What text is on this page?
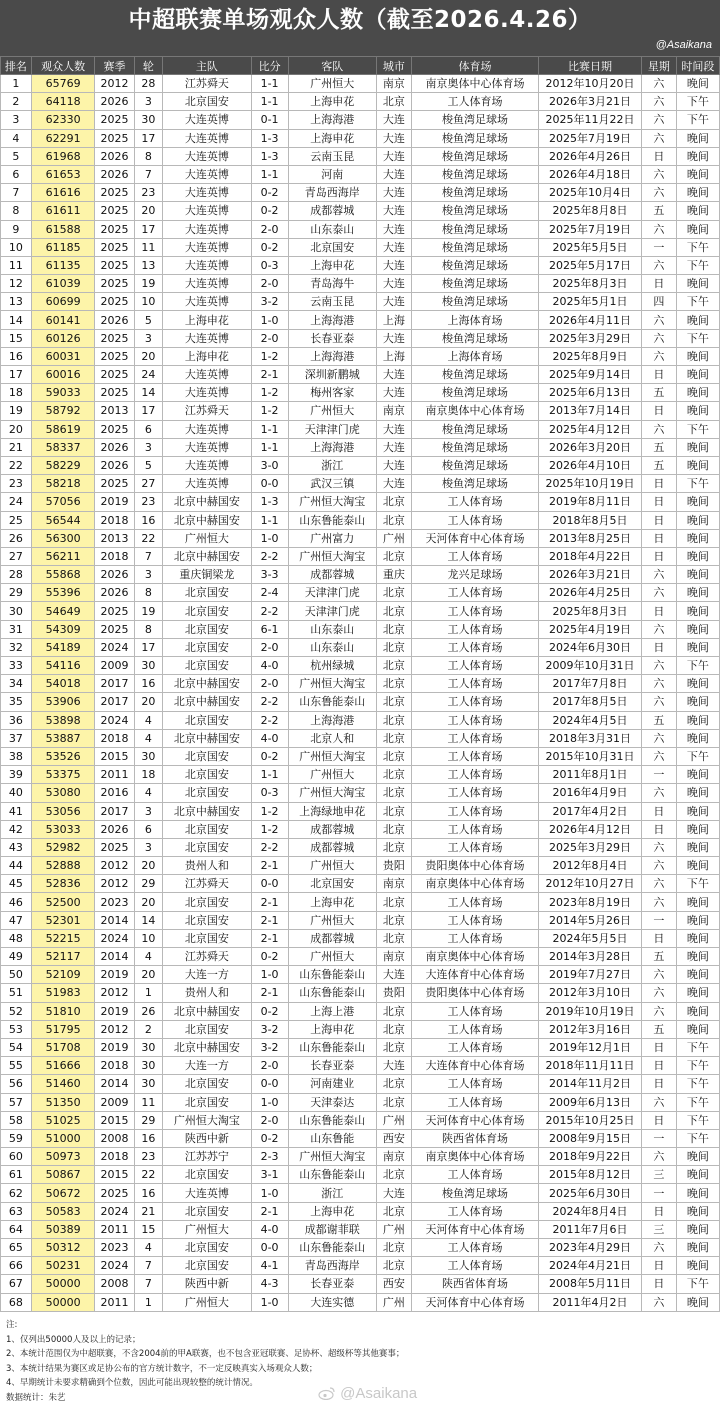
中超联赛单场观众人数（截至2026.4.26）
@Asaikana
排名	观众人数	赛季	轮	主队	比分	客队	城市	体育场	比赛日期	星期	时间段
1	65769	2012	28	江苏舜天	1-1	广州恒大	南京	南京奥体中心体育场	2012年10月20日	六	晚间
2	64118	2026	3	北京国安	1-1	上海申花	北京	工人体育场	2026年3月21日	六	下午
3	62330	2025	30	大连英博	0-1	上海海港	大连	梭鱼湾足球场	2025年11月22日	六	下午
4	62291	2025	17	大连英博	1-3	上海申花	大连	梭鱼湾足球场	2025年7月19日	六	晚间
5	61968	2026	8	大连英博	1-3	云南玉昆	大连	梭鱼湾足球场	2026年4月26日	日	晚间
6	61653	2026	7	大连英博	1-1	河南	大连	梭鱼湾足球场	2026年4月18日	六	晚间
7	61616	2025	23	大连英博	0-2	青岛西海岸	大连	梭鱼湾足球场	2025年10月4日	六	晚间
8	61611	2025	20	大连英博	0-2	成都蓉城	大连	梭鱼湾足球场	2025年8月8日	五	晚间
9	61588	2025	17	大连英博	2-0	山东泰山	大连	梭鱼湾足球场	2025年7月19日	六	晚间
10	61185	2025	11	大连英博	0-2	北京国安	大连	梭鱼湾足球场	2025年5月5日	一	下午
11	61135	2025	13	大连英博	0-3	上海申花	大连	梭鱼湾足球场	2025年5月17日	六	下午
12	61039	2025	19	大连英博	2-0	青岛海牛	大连	梭鱼湾足球场	2025年8月3日	日	晚间
13	60699	2025	10	大连英博	3-2	云南玉昆	大连	梭鱼湾足球场	2025年5月1日	四	下午
14	60141	2026	5	上海申花	1-0	上海海港	上海	上海体育场	2026年4月11日	六	晚间
15	60126	2025	3	大连英博	2-0	长春亚泰	大连	梭鱼湾足球场	2025年3月29日	六	下午
16	60031	2025	20	上海申花	1-2	上海海港	上海	上海体育场	2025年8月9日	六	晚间
17	60016	2025	24	大连英博	2-1	深圳新鹏城	大连	梭鱼湾足球场	2025年9月14日	日	晚间
18	59033	2025	14	大连英博	1-2	梅州客家	大连	梭鱼湾足球场	2025年6月13日	五	晚间
19	58792	2013	17	江苏舜天	1-2	广州恒大	南京	南京奥体中心体育场	2013年7月14日	日	晚间
20	58619	2025	6	大连英博	1-1	天津津门虎	大连	梭鱼湾足球场	2025年4月12日	六	下午
21	58337	2026	3	大连英博	1-1	上海海港	大连	梭鱼湾足球场	2026年3月20日	五	晚间
22	58229	2026	5	大连英博	3-0	浙江	大连	梭鱼湾足球场	2026年4月10日	五	晚间
23	58218	2025	27	大连英博	0-0	武汉三镇	大连	梭鱼湾足球场	2025年10月19日	日	下午
24	57056	2019	23	北京中赫国安	1-3	广州恒大淘宝	北京	工人体育场	2019年8月11日	日	晚间
25	56544	2018	16	北京中赫国安	1-1	山东鲁能泰山	北京	工人体育场	2018年8月5日	日	晚间
26	56300	2013	22	广州恒大	1-0	广州富力	广州	天河体育中心体育场	2013年8月25日	日	晚间
27	56211	2018	7	北京中赫国安	2-2	广州恒大淘宝	北京	工人体育场	2018年4月22日	日	晚间
28	55868	2026	3	重庆铜梁龙	3-3	成都蓉城	重庆	龙兴足球场	2026年3月21日	六	晚间
29	55396	2026	8	北京国安	2-4	天津津门虎	北京	工人体育场	2026年4月25日	六	晚间
30	54649	2025	19	北京国安	2-2	天津津门虎	北京	工人体育场	2025年8月3日	日	晚间
31	54309	2025	8	北京国安	6-1	山东泰山	北京	工人体育场	2025年4月19日	六	晚间
32	54189	2024	17	北京国安	2-0	山东泰山	北京	工人体育场	2024年6月30日	日	晚间
33	54116	2009	30	北京国安	4-0	杭州绿城	北京	工人体育场	2009年10月31日	六	下午
34	54018	2017	16	北京中赫国安	2-0	广州恒大淘宝	北京	工人体育场	2017年7月8日	六	晚间
35	53906	2017	20	北京中赫国安	2-2	山东鲁能泰山	北京	工人体育场	2017年8月5日	六	晚间
36	53898	2024	4	北京国安	2-2	上海海港	北京	工人体育场	2024年4月5日	五	晚间
37	53887	2018	4	北京中赫国安	4-0	北京人和	北京	工人体育场	2018年3月31日	六	晚间
38	53526	2015	30	北京国安	0-2	广州恒大淘宝	北京	工人体育场	2015年10月31日	六	下午
39	53375	2011	18	北京国安	1-1	广州恒大	北京	工人体育场	2011年8月1日	一	晚间
40	53080	2016	4	北京国安	0-3	广州恒大淘宝	北京	工人体育场	2016年4月9日	六	晚间
41	53056	2017	3	北京中赫国安	1-2	上海绿地申花	北京	工人体育场	2017年4月2日	日	晚间
42	53033	2026	6	北京国安	1-2	成都蓉城	北京	工人体育场	2026年4月12日	日	晚间
43	52982	2025	3	北京国安	2-2	成都蓉城	北京	工人体育场	2025年3月29日	六	晚间
44	52888	2012	20	贵州人和	2-1	广州恒大	贵阳	贵阳奥体中心体育场	2012年8月4日	六	晚间
45	52836	2012	29	江苏舜天	0-0	北京国安	南京	南京奥体中心体育场	2012年10月27日	六	下午
46	52500	2023	20	北京国安	2-1	上海申花	北京	工人体育场	2023年8月19日	六	晚间
47	52301	2014	14	北京国安	2-1	广州恒大	北京	工人体育场	2014年5月26日	一	晚间
48	52215	2024	10	北京国安	2-1	成都蓉城	北京	工人体育场	2024年5月5日	日	晚间
49	52117	2014	4	江苏舜天	0-2	广州恒大	南京	南京奥体中心体育场	2014年3月28日	五	晚间
50	52109	2019	20	大连一方	1-0	山东鲁能泰山	大连	大连体育中心体育场	2019年7月27日	六	晚间
51	51983	2012	1	贵州人和	2-1	山东鲁能泰山	贵阳	贵阳奥体中心体育场	2012年3月10日	六	晚间
52	51810	2019	26	北京中赫国安	0-2	上海上港	北京	工人体育场	2019年10月19日	六	晚间
53	51795	2012	2	北京国安	3-2	上海申花	北京	工人体育场	2012年3月16日	五	晚间
54	51708	2019	30	北京中赫国安	3-2	山东鲁能泰山	北京	工人体育场	2019年12月1日	日	下午
55	51666	2018	30	大连一方	2-0	长春亚泰	大连	大连体育中心体育场	2018年11月11日	日	下午
56	51460	2014	30	北京国安	0-0	河南建业	北京	工人体育场	2014年11月2日	日	下午
57	51350	2009	11	北京国安	1-0	天津泰达	北京	工人体育场	2009年6月13日	六	下午
58	51025	2015	29	广州恒大淘宝	2-0	山东鲁能泰山	广州	天河体育中心体育场	2015年10月25日	日	下午
59	51000	2008	16	陕西中新	0-2	山东鲁能	西安	陕西省体育场	2008年9月15日	一	下午
60	50973	2018	23	江苏苏宁	2-3	广州恒大淘宝	南京	南京奥体中心体育场	2018年9月22日	六	晚间
61	50867	2015	22	北京国安	3-1	山东鲁能泰山	北京	工人体育场	2015年8月12日	三	晚间
62	50672	2025	16	大连英博	1-0	浙江	大连	梭鱼湾足球场	2025年6月30日	一	晚间
63	50583	2024	21	北京国安	2-1	上海申花	北京	工人体育场	2024年8月4日	日	晚间
64	50389	2011	15	广州恒大	4-0	成都谢菲联	广州	天河体育中心体育场	2011年7月6日	三	晚间
65	50312	2023	4	北京国安	0-0	山东鲁能泰山	北京	工人体育场	2023年4月29日	六	晚间
66	50231	2024	7	北京国安	4-1	青岛西海岸	北京	工人体育场	2024年4月21日	日	晚间
67	50000	2008	7	陕西中新	4-3	长春亚泰	西安	陕西省体育场	2008年5月11日	日	下午
68	50000	2011	1	广州恒大	1-0	大连实德	广州	天河体育中心体育场	2011年4月2日	六	晚间
注:
1、仅列出50000人及以上的记录；
2、本统计范围仅为中超联赛，不含2004前的甲A联赛，也不包含亚冠联赛、足协杯、超级杯等其他赛事；
3、本统计结果为赛区或足协公布的官方统计数字，不一定反映真实入场观众人数；
4、早期统计未要求精确到个位数，因此可能出现较整的统计情况。
数据统计：朱艺	@Asaikana
